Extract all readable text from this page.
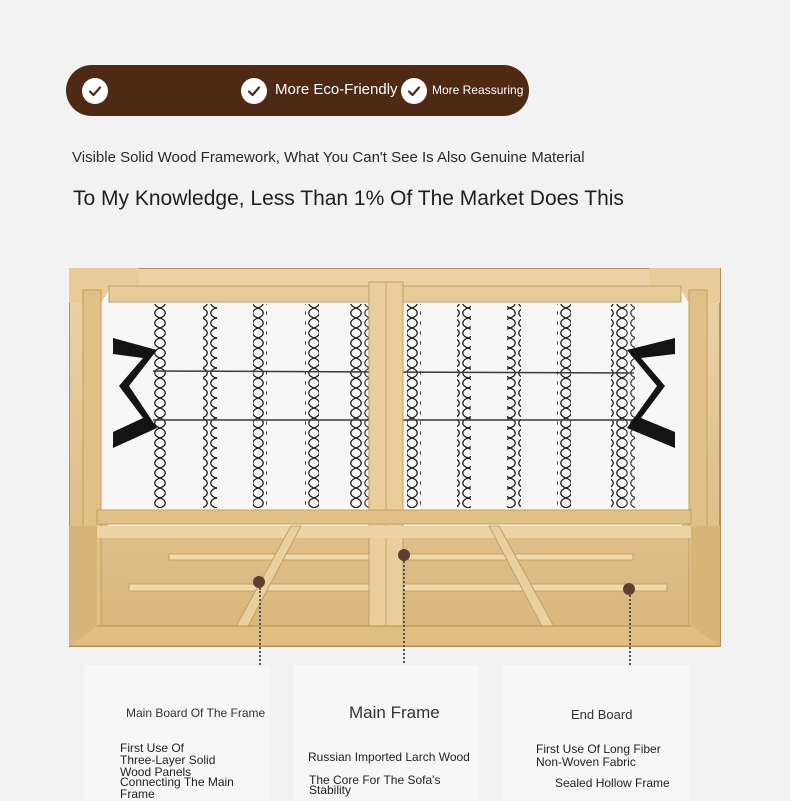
More Eco-Friendly	More Reassuring
Visible Solid Wood Framework, What You Can't See Is Also Genuine Material
To My Knowledge, Less Than 1% Of The Market Does This
Main Board Of The Frame
First Use Of
Three-Layer Solid
Wood Panels
Connecting The Main
Frame
Main Frame
Russian Imported Larch Wood
The Core For The Sofa's
Stability
End Board
First Use Of Long Fiber
Non-Woven Fabric
Sealed Hollow Frame
